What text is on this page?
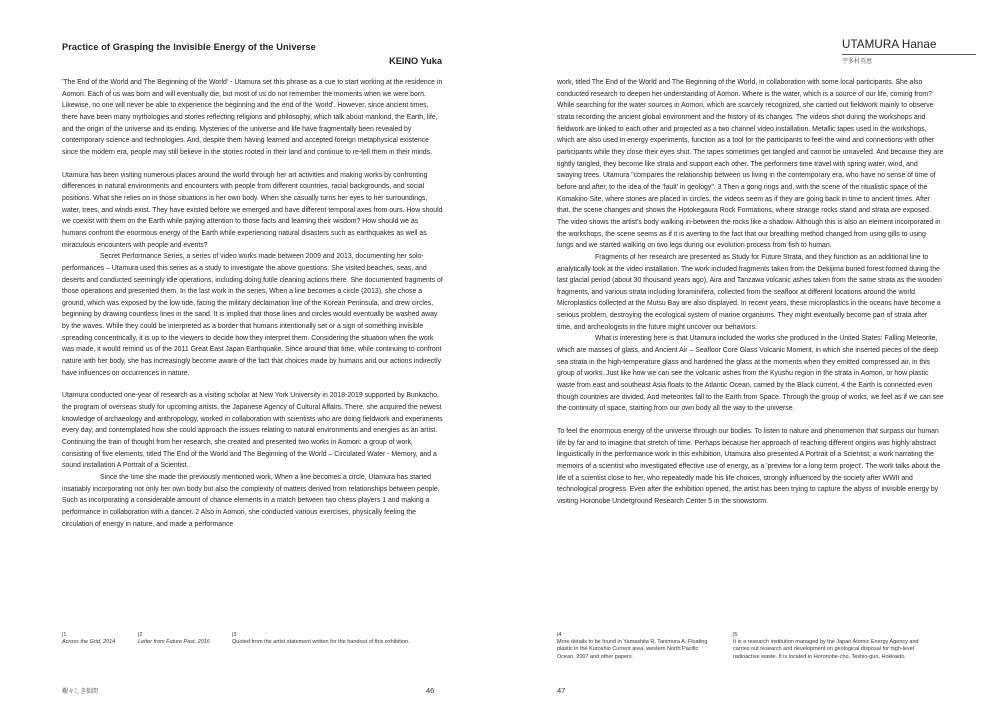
Practice of Grasping the Invisible Energy of the Universe
KEINO Yuka

'The End of the World and The Beginning of the World' - Utamura set this phrase as a cue to start working at the residence in Aomori. Each of us was born and will eventually die, but most of us do not remember the moments when we were born. Likewise, no one will never be able to experience the beginning and the end of the 'world'. However, since ancient times, there have been many mythologies and stories reflecting religions and philosophy, which talk about mankind, the Earth, life, and the origin of the universe and its ending. Mysteries of the universe and life have fragmentally been revealed by contemporary science and technologies. And, despite them having learned and accepted foreign metaphysical existence since the modern era, people may still believe in the stories rooted in their land and continue to re-tell them in their minds.

Utamura has been visiting numerous places around the world through her art activities and making works by confronting differences in natural environments and encounters with people from different countries, racial backgrounds, and social positions. What she relies on in those situations is her own body. When she casually turns her eyes to her surroundings, water, trees, and winds exist. They have existed before we emerged and have different temporal axes from ours. How should we coexist with them on the Earth while paying attention to those facts and learning their wisdom? How should we as humans confront the enormous energy of the Earth while experiencing natural disasters such as earthquakes as well as miraculous encounters with people and events?

Secret Performance Series, a series of video works made between 2009 and 2013, documenting her solo-performances – Utamura used this series as a study to investigate the above questions. She visited beaches, seas, and deserts and conducted seemingly idle operations, including doing futile cleaning actions there. She documented fragments of those operations and presented them. In the last work in the series, When a line becomes a circle (2013), she chose a ground, which was exposed by the low tide, facing the military declamation line of the Korean Peninsula, and drew circles, beginning by drawing countless lines in the sand. It is implied that those lines and circles would eventually be washed away by the waves. While they could be interpreted as a border that humans intentionally set or a sign of something invisible spreading concentrically, it is up to the viewers to decide how they interpret them. Considering the situation when the work was made, it would remind us of the 2011 Great East Japan Earthquake. Since around that time, while continuing to confront nature with her body, she has increasingly become aware of the fact that choices made by humans and our actions indirectly have influences on occurrences in nature.

Utamura conducted one-year of research as a visiting scholar at New York University in 2018-2019 supported by Bunkacho, the program of overseas study for upcoming artists, the Japanese Agency of Cultural Affairs. There, she acquired the newest knowledge of archaeology and anthropology, worked in collaboration with scientists who are doing fieldwork and experiments every day, and contemplated how she could approach the issues relating to natural environments and energies as an artist. Continuing the train of thought from her research, she created and presented two works in Aomori: a group of work, consisting of five elements, titled The End of the World and The Beginning of the World – Circulated Water - Memory, and a sound installation A Portrait of a Scientist.

Since the time she made the previously mentioned work, When a line becomes a circle, Utamura has started insatiably incorporating not only her own body but also the complexity of matters derived from relationships between people. Such as incorporating a considerable amount of chance elements in a match between two chess players 1 and making a performance in collaboration with a dancer. 2 Also in Aomori, she conducted various exercises, physically feeling the circulation of energy in nature, and made a performance

|1
Across the Grid, 2014
|2
Letter from Future Past, 2016
|3
Quoted from the artist statement written for the handout of this exhibition.
艱々しき拙間	46
UTAMURA Hanae
宇多村英恵

work, titled The End of the World and The Beginning of the World, in collaboration with some local participants. She also conducted research to deepen her understanding of Aomori. Where is the water, which is a source of our life, coming from? While searching for the water sources in Aomori, which are scarcely recognized, she carried out fieldwork mainly to observe strata recording the ancient global environment and the history of its changes. The videos shot during the workshops and fieldwork are linked to each other and projected as a two channel video installation. Metallic tapes used in the workshops, which are also used in energy experiments, function as a tool for the participants to feel the wind and connections with other participants while they close their eyes shut. The tapes sometimes get tangled and cannot be unraveled. And because they are tightly tangled, they become like strata and support each other. The performers time travel with spring water, wind, and swaying trees. Utamura "compares the relationship between us living in the contemporary era, who have no sense of time of before and after, to the idea of the 'fault' in geology". 3 Then a gong rings and, with the scene of the ritualistic space of the Komakino Site, where stones are placed in circles, the videos seem as if they are going back in time to ancient times. After that, the scene changes and shows the Hotokegaura Rock Formations, where strange rocks stand and strata are exposed. The video shows the artist's body walking in-between the rocks like a shadow. Although this is also an element incorporated in the workshops, the scene seems as if it is averting to the fact that our breathing method changed from using gills to using lungs and we started walking on two legs during our evolution process from fish to human.

Fragments of her research are presented as Study for Future Strata, and they function as an additional line to analytically look at the video installation. The work included fragments taken from the Dekijima buried forest formed during the last glacial period (about 30 thousand years ago), Aira and Tanzawa volcanic ashes taken from the same strata as the wooden fragments, and various strata including foraminifera, collected from the seafloor at different locations around the world. Microplastics collected at the Mutsu Bay are also displayed. In recent years, these microplastics in the oceans have become a serious problem, destroying the ecological system of marine organisms. They might eventually become part of strata after time, and archeologists in the future might uncover our behaviors.

What is interesting here is that Utamura included the works she produced in the United States: Falling Meteorite, which are masses of glass, and Ancient Air – Seafloor Core Glass Volcanic Moment, in which she inserted pieces of the deep sea strata in the high-temperature glass and hardened the glass at the moments when they emitted compressed air, in this group of works. Just like how we can see the volcanic ashes from the Kyushu region in the strata in Aomori, or how plastic waste from east and southeast Asia floats to the Atlantic Ocean, carried by the Black current, 4 the Earth is connected even though countries are divided. And meteorites fall to the Earth from Space. Through the group of works, we feel as if we can see the continuity of space, starting from our own body all the way to the universe.

To feel the enormous energy of the universe through our bodies. To listen to nature and phenomenon that surpass our human life by far and to imagine that stretch of time. Perhaps because her approach of reaching different origins was highly abstract linguistically in the performance work in this exhibition, Utamura also presented A Portrait of a Scientist; a work narrating the memoirs of a scientist who investigated effective use of energy, as a 'preview for a long term project'. The work talks about the life of a scientist close to her, who repeatedly made his life choices, strongly influenced by the society after WWII and technological progress. Even after the exhibition opened, the artist has been trying to capture the abyss of invisible energy by visiting Horonobe Underground Research Center 5 in the snowstorm.

|4
More details to be found in Yamashita R, Tanimura A. Floating plastic in the Kuroshio Current area, western North Pacific Ocean. 2007 and other papers.
|5
It is a research institution managed by the Japan Atomic Energy Agency and carries out research and development on geological disposal for high-level radioactive waste. It is located in Horonobe-cho, Teshio-gun, Hokkaido.
47
